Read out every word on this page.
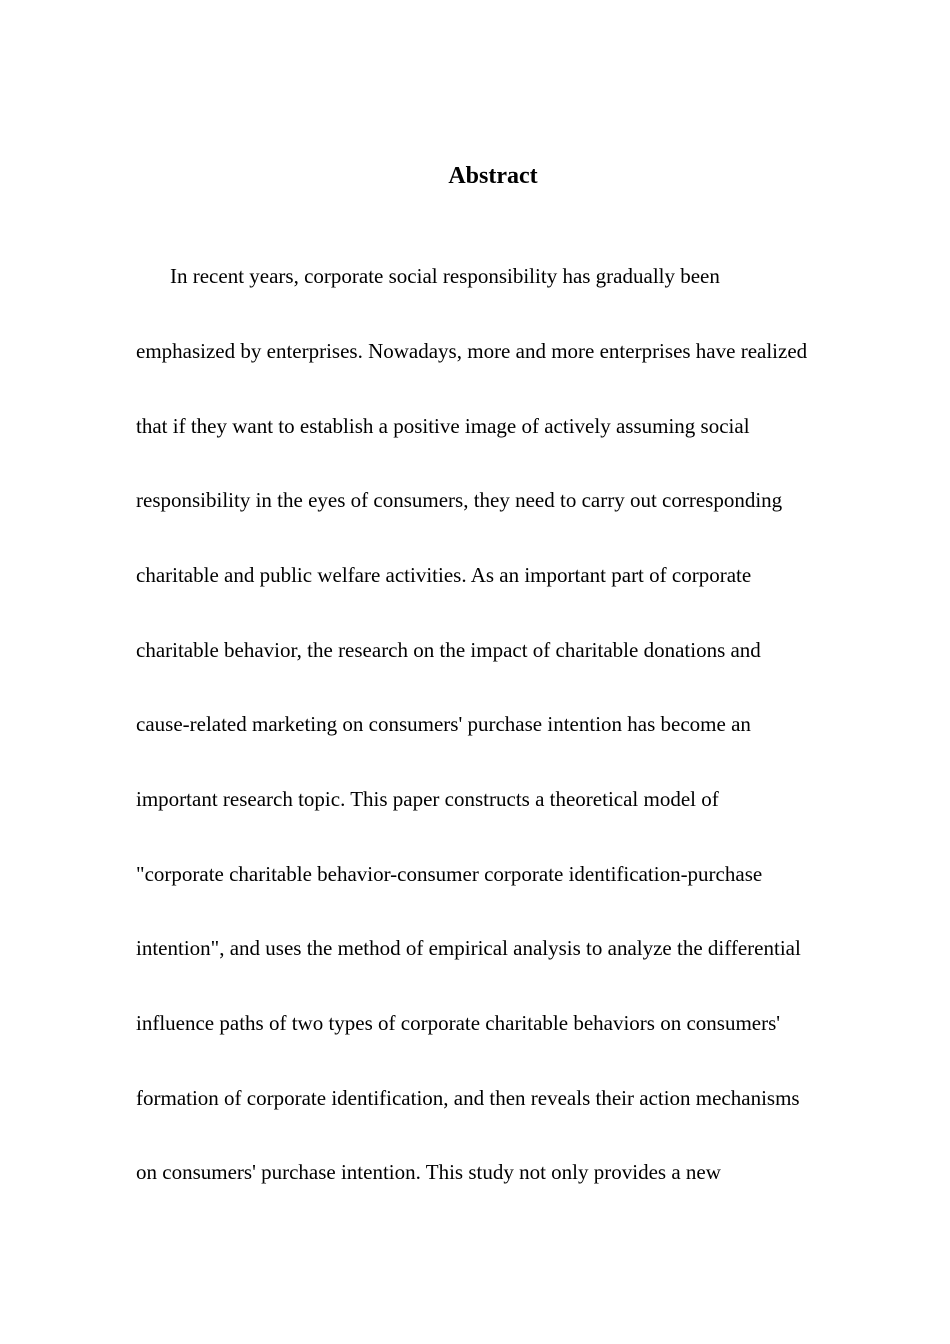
Abstract
In recent years, corporate social responsibility has gradually been
emphasized by enterprises. Nowadays, more and more enterprises have realized
that if they want to establish a positive image of actively assuming social
responsibility in the eyes of consumers, they need to carry out corresponding
charitable and public welfare activities. As an important part of corporate
charitable behavior, the research on the impact of charitable donations and
cause-related marketing on consumers' purchase intention has become an
important research topic. This paper constructs a theoretical model of
"corporate charitable behavior-consumer corporate identification-purchase
intention", and uses the method of empirical analysis to analyze the differential
influence paths of two types of corporate charitable behaviors on consumers'
formation of corporate identification, and then reveals their action mechanisms
on consumers' purchase intention. This study not only provides a new
